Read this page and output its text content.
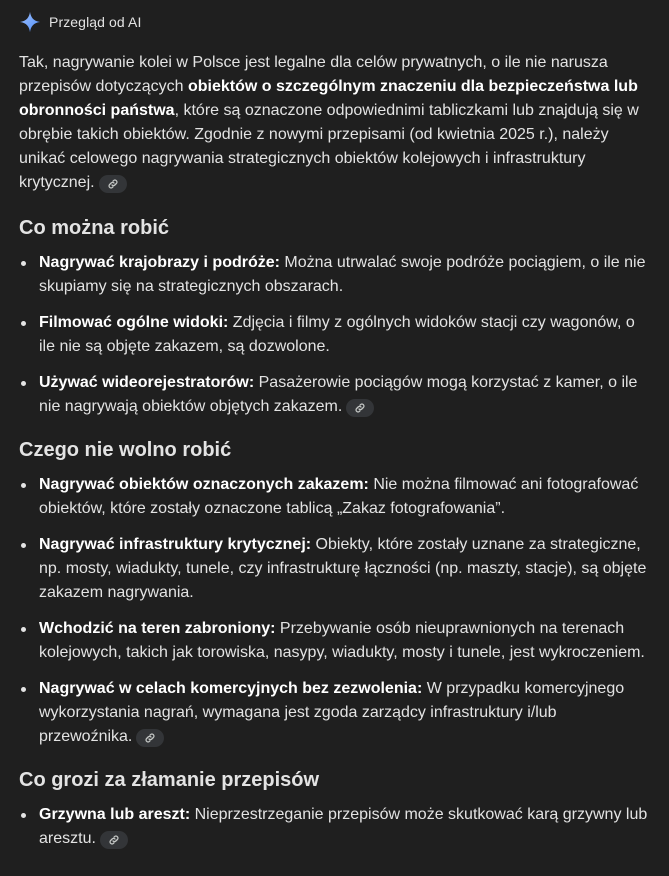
Przegląd od AI

Tak, nagrywanie kolei w Polsce jest legalne dla celów prywatnych, o ile nie narusza przepisów dotyczących obiektów o szczególnym znaczeniu dla bezpieczeństwa lub obronności państwa, które są oznaczone odpowiednimi tabliczkami lub znajdują się w obrębie takich obiektów. Zgodnie z nowymi przepisami (od kwietnia 2025 r.), należy unikać celowego nagrywania strategicznych obiektów kolejowych i infrastruktury krytycznej.

Co można robić
Nagrywać krajobrazy i podróże: Można utrwalać swoje podróże pociągiem, o ile nie skupiamy się na strategicznych obszarach.
Filmować ogólne widoki: Zdjęcia i filmy z ogólnych widoków stacji czy wagonów, o ile nie są objęte zakazem, są dozwolone.
Używać wideorejestratorów: Pasażerowie pociągów mogą korzystać z kamer, o ile nie nagrywają obiektów objętych zakazem.
Czego nie wolno robić
Nagrywać obiektów oznaczonych zakazem: Nie można filmować ani fotografować obiektów, które zostały oznaczone tablicą „Zakaz fotografowania”.
Nagrywać infrastruktury krytycznej: Obiekty, które zostały uznane za strategiczne, np. mosty, wiadukty, tunele, czy infrastrukturę łączności (np. maszty, stacje), są objęte zakazem nagrywania.
Wchodzić na teren zabroniony: Przebywanie osób nieuprawnionych na terenach kolejowych, takich jak torowiska, nasypy, wiadukty, mosty i tunele, jest wykroczeniem.
Nagrywać w celach komercyjnych bez zezwolenia: W przypadku komercyjnego wykorzystania nagrań, wymagana jest zgoda zarządcy infrastruktury i/lub przewoźnika.
Co grozi za złamanie przepisów
Grzywna lub areszt: Nieprzestrzeganie przepisów może skutkować karą grzywny lub aresztu.
